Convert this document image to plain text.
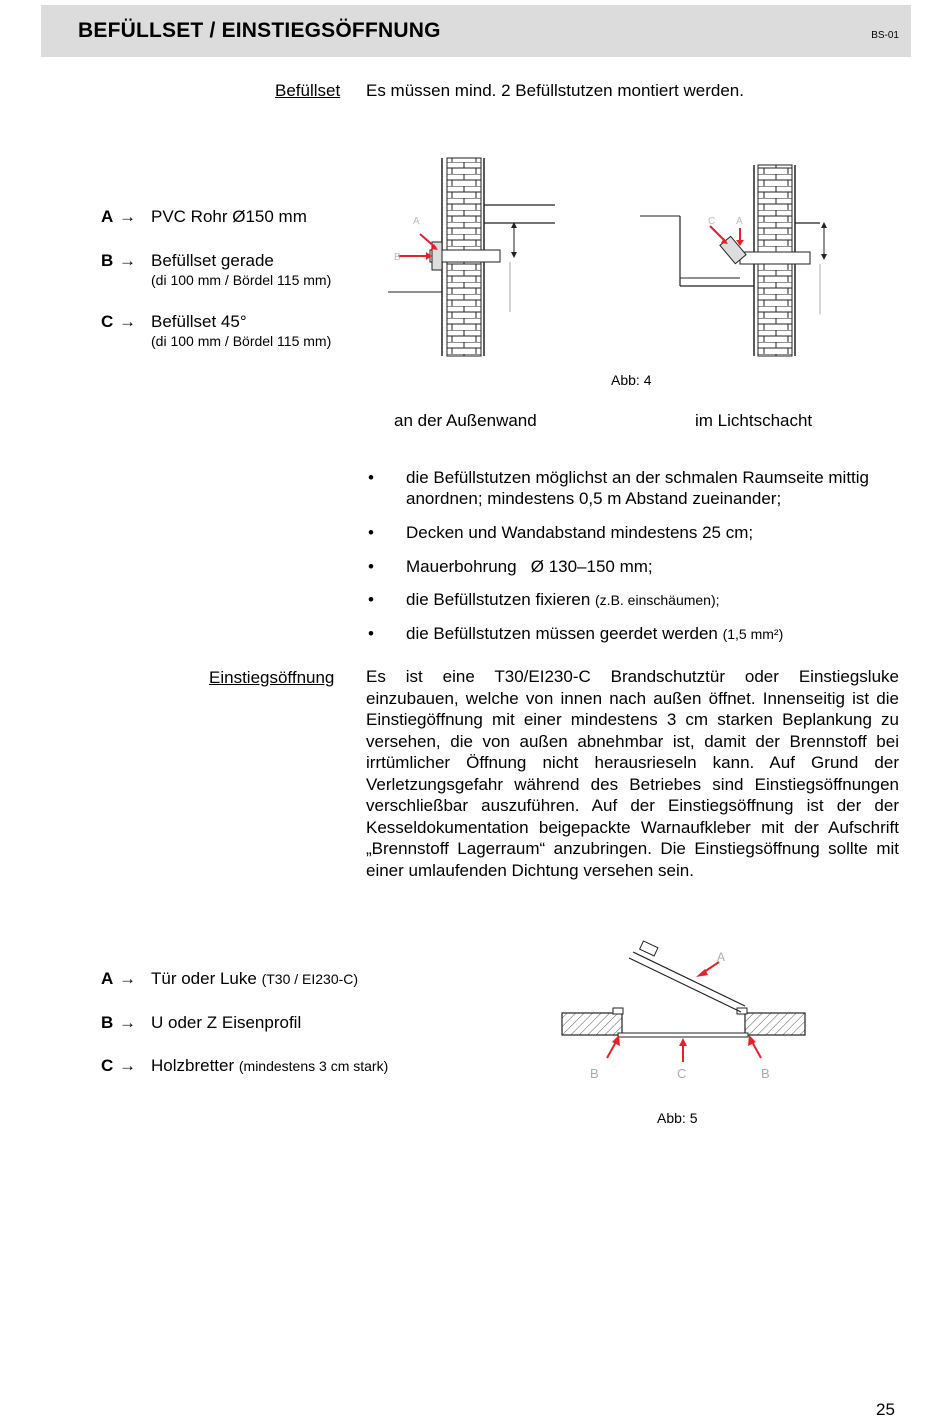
BEFÜLLSET / EINSTIEGSÖFFNUNG	BS-01
Befüllset Es müssen mind. 2 Befüllstutzen montiert werden.
A → PVC Rohr Ø150 mm
B → Befüllset gerade
(di 100 mm / Bördel 115 mm)
C → Befüllset 45°
(di 100 mm / Bördel 115 mm)
A
B
C A
Abb: 4
an der Außenwand	im Lichtschacht
• die Befüllstutzen möglichst an der schmalen Raumseite mittig anordnen; mindestens 0,5 m Abstand zueinander;
• Decken und Wandabstand mindestens 25 cm;
• Mauerbohrung   Ø 130–150 mm;
• die Befüllstutzen fixieren (z.B. einschäumen);
• die Befüllstutzen müssen geerdet werden (1,5 mm²)
Einstiegsöffnung Es ist eine T30/EI230-C Brandschutztür oder Einstiegsluke einzubauen, welche von innen nach außen öffnet. Innenseitig ist die Einstiegöffnung mit einer mindestens 3 cm starken Beplankung zu versehen, die von außen abnehmbar ist, damit der Brennstoff bei irrtümlicher Öffnung nicht herausrieseln kann. Auf Grund der Verletzungsgefahr während des Betriebes sind Einstiegsöffnungen verschließbar auszuführen. Auf der Einstiegsöffnung ist der der Kesseldokumentation beigepackte Warnaufkleber mit der Aufschrift „Brennstoff Lagerraum“ anzubringen. Die Einstiegsöffnung sollte mit einer umlaufenden Dichtung versehen sein.
A → Tür oder Luke (T30 / EI230-C)
B → U oder Z Eisenprofil
C → Holzbretter (mindestens 3 cm stark)
A
B	C	B
Abb: 5
25
